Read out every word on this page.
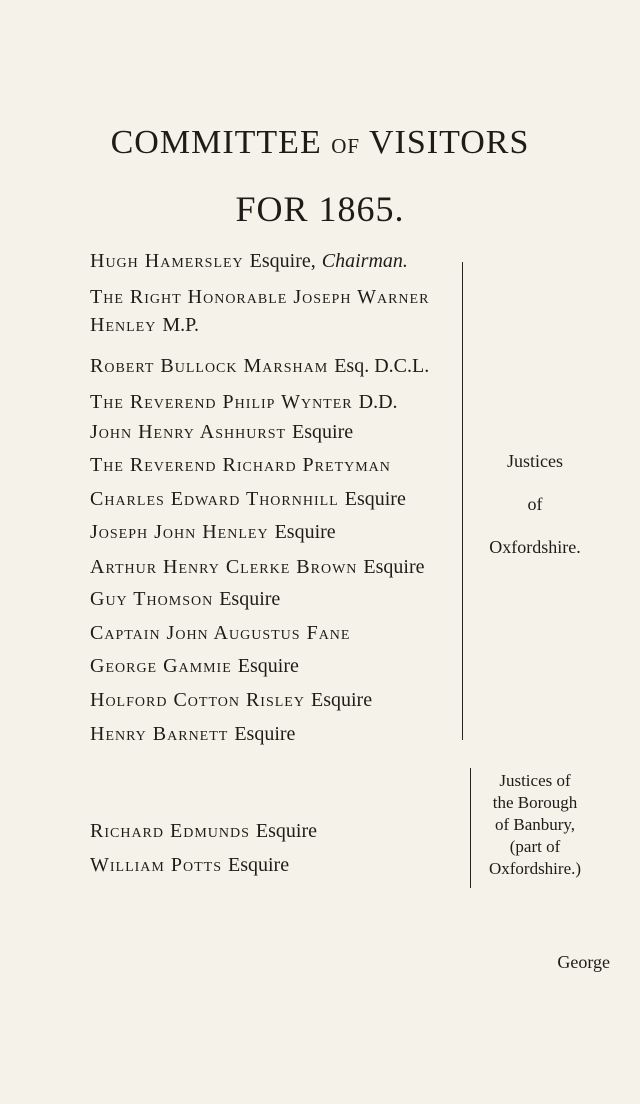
COMMITTEE OF VISITORS
FOR 1865.
Hugh Hamersley Esquire, Chairman.
The Right Honorable Joseph Warner
Henley M.P.
Robert Bullock Marsham Esq. D.C.L.
The Reverend Philip Wynter D.D.
John Henry Ashhurst Esquire
The Reverend Richard Pretyman
Charles Edward Thornhill Esquire
Joseph John Henley Esquire
Arthur Henry Clerke Brown Esquire
Guy Thomson Esquire
Captain John Augustus Fane
George Gammie Esquire
Holford Cotton Risley Esquire
Henry Barnett Esquire
Justices
of
Oxfordshire.
Richard Edmunds Esquire
William Potts Esquire
Justices of
the Borough
of Banbury,
(part of
Oxfordshire.)
George
